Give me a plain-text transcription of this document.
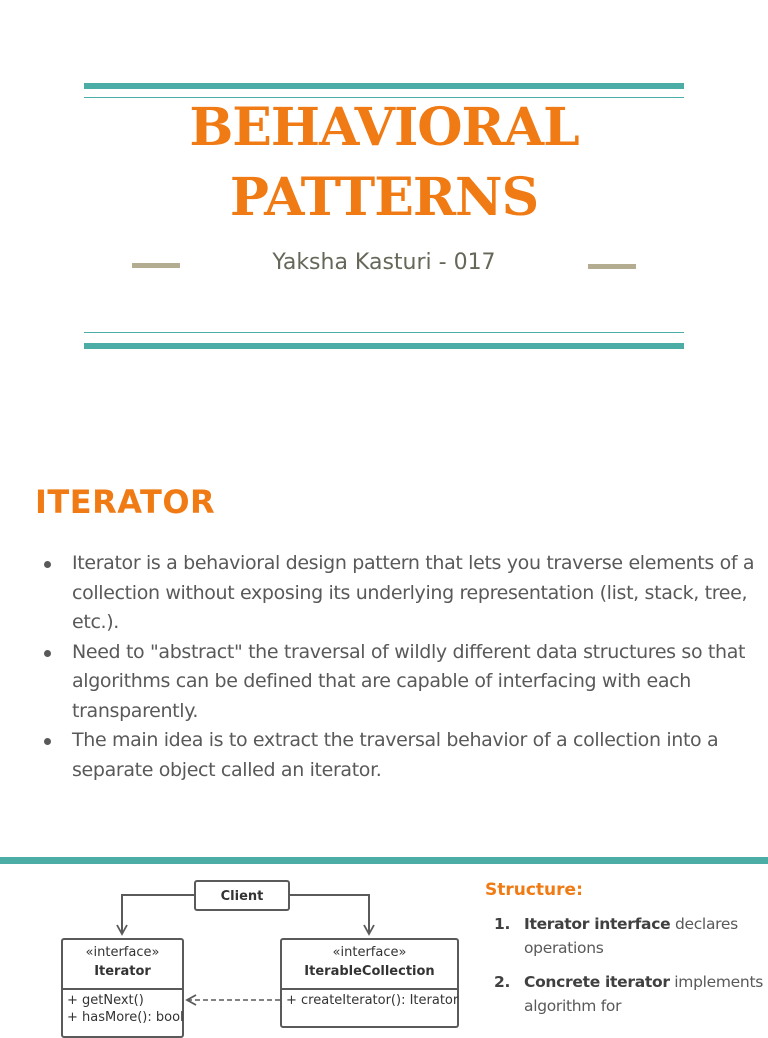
BEHAVIORAL
PATTERNS
Yaksha Kasturi - 017
ITERATOR
Iterator is a behavioral design pattern that lets you traverse elements of a collection without exposing its underlying representation (list, stack, tree, etc.).
Need to "abstract" the traversal of wildly different data structures so that algorithms can be defined that are capable of interfacing with each transparently.
The main idea is to extract the traversal behavior of a collection into a separate object called an iterator.
Client
«interface»
Iterator
+ getNext()
+ hasMore(): bool
«interface»
IterableCollection
+ createIterator(): Iterator
Structure:
1. Iterator interface declares operations
2. Concrete iterator implements algorithm for
